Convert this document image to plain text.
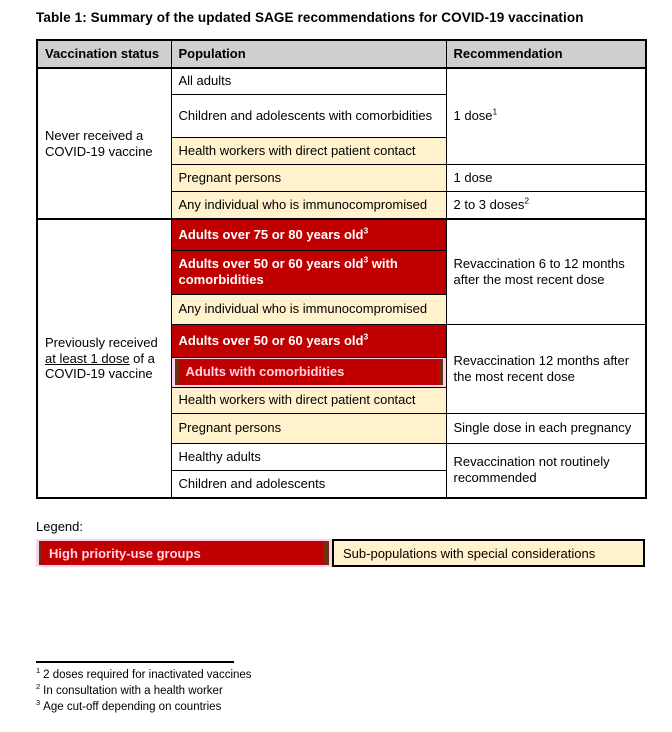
Table 1: Summary of the updated SAGE recommendations for COVID-19 vaccination
Vaccination status	Population	Recommendation
Never received a COVID-19 vaccine	All adults	1 dose$^1$
	Children and adolescents with comorbidities	
	Health workers with direct patient contact	
	Pregnant persons	1 dose
	Any individual who is immunocompromised	2 to 3 doses$^2$
Previously received at least 1 dose of a COVID-19 vaccine	Adults over 75 or 80 years old$^3$	Revaccination 6 to 12 months after the most recent dose
	Adults over 50 or 60 years old$^3$ with comorbidities	
	Any individual who is immunocompromised	
	Adults over 50 or 60 years old$^3$	Revaccination 12 months after the most recent dose

	Adults with comorbidities	

	Health workers with direct patient contact	
	Pregnant persons	Single dose in each pregnancy
	Healthy adults	Revaccination not routinely recommended
	Children and adolescents	
Legend:
High priority-use groups	Sub-populations with special considerations
$^1$ 2 doses required for inactivated vaccines
$^2$ In consultation with a health worker
$^3$ Age cut-off depending on countries
